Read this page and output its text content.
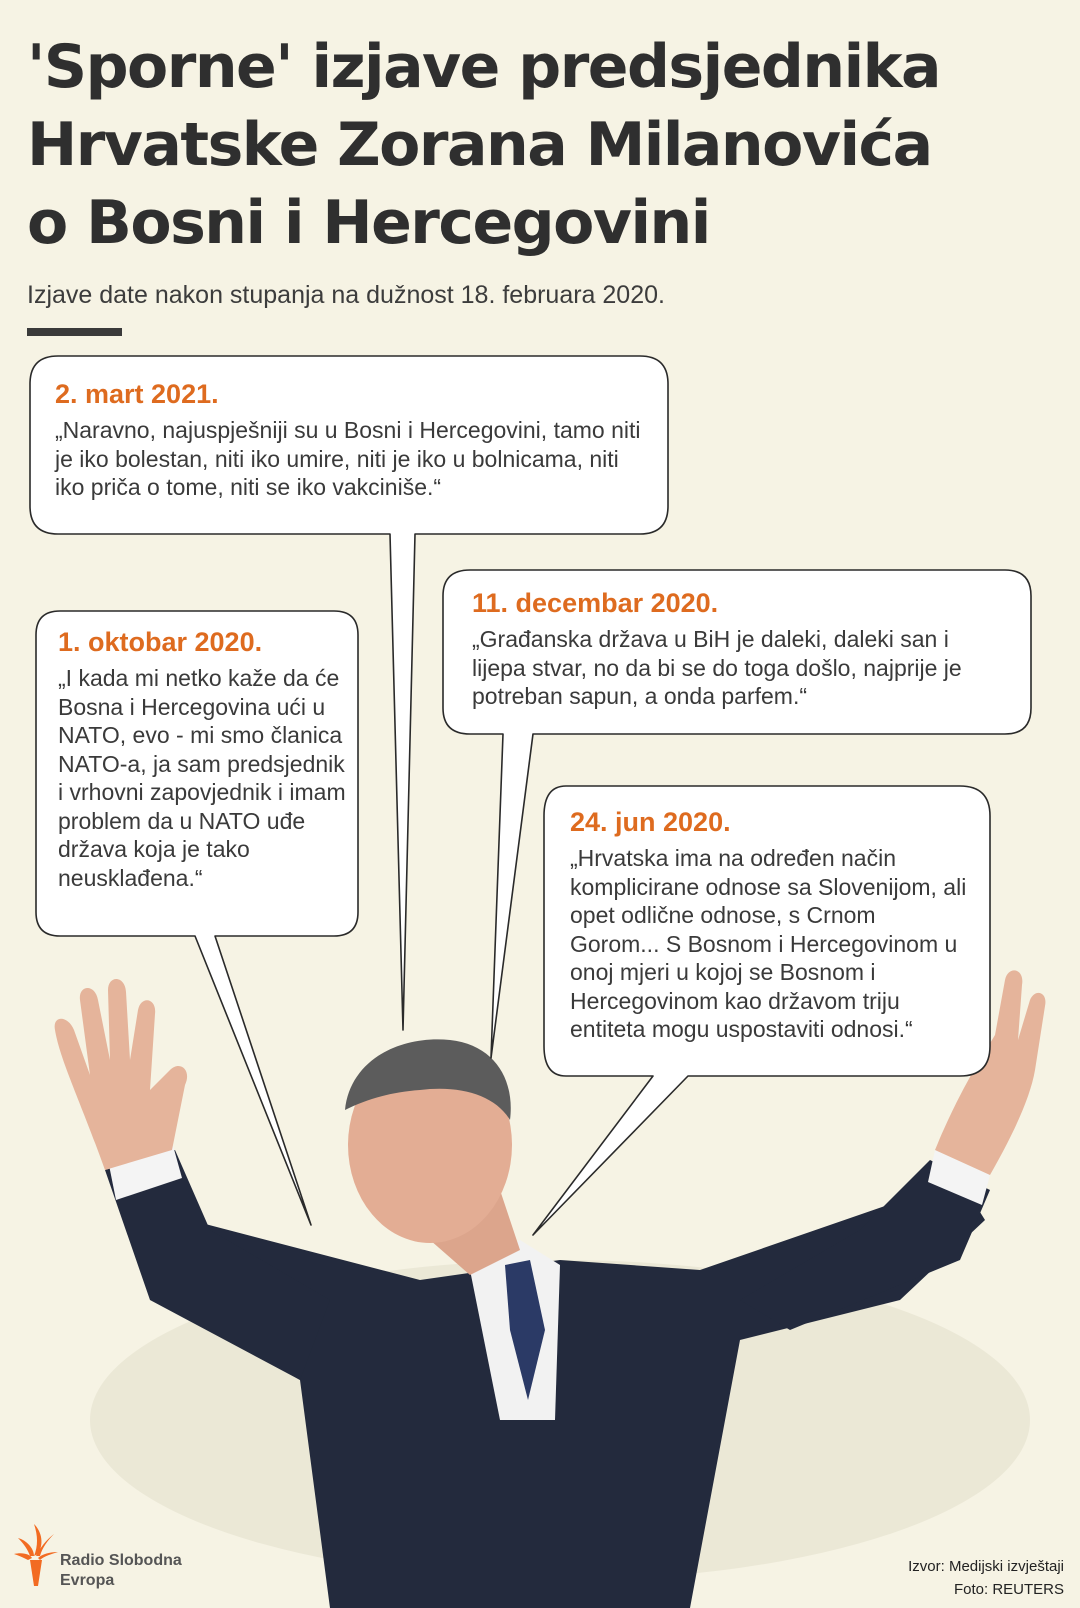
'Sporne' izjave predsjednika
Hrvatske Zorana Milanovića
o Bosni i Hercegovini
Izjave date nakon stupanja na dužnost 18. februara 2020.
2. mart 2021.
„Naravno, najuspješniji su u Bosni i Hercegovini, tamo niti je iko bolestan, niti iko umire, niti je iko u bolnicama, niti iko priča o tome, niti se iko vakciniše.“
1. oktobar 2020.
„I kada mi netko kaže da će Bosna i Hercegovina ući u NATO, evo - mi smo članica NATO-a, ja sam predsjednik i vrhovni zapovjednik i imam problem da u NATO uđe država koja je tako neusklađena.“
11. decembar 2020.
„Građanska država u BiH je daleki, daleki san i lijepa stvar, no da bi se do toga došlo, najprije je potreban sapun, a onda parfem.“
24. jun 2020.
„Hrvatska ima na određen način komplicirane odnose sa Slovenijom, ali opet odlične odnose, s Crnom Gorom... S Bosnom i Hercegovinom u onoj mjeri u kojoj se Bosnom i Hercegovinom kao državom triju entiteta mogu uspostaviti odnosi.“
Radio Slobodna
Evropa
Izvor: Medijski izvještaji
Foto: REUTERS
